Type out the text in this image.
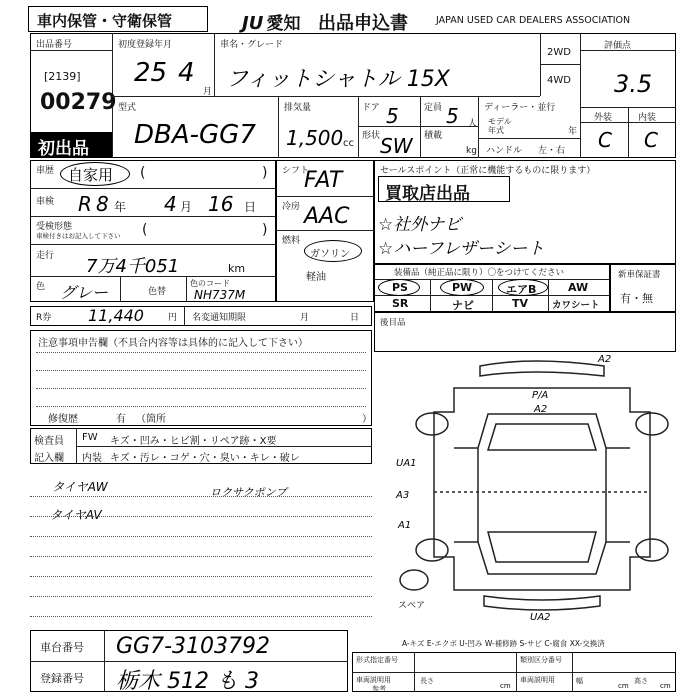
車内保管・守衛保管	JU 愛知 出品申込書	JAPAN USED CAR DEALERS ASSOCIATION
出品番号
[2139]
00279
初出品
初度登録年月
25 4
月
車名・グレード
フィットシャトル 15X
2WD
4WD
評価点
3.5
外装	内装
C C
型式
DBA-GG7
排気量
1,500 cc
ドア 5
形状 SW
定員 5 人
積載
kg
ディーラー・並行
モデル
年式	年
ハンドル 左・右
車歴 自家用 (	)
車検 R 8 年 4 月 16 日
受検形態
車検付きはお記入して下さい (	)
走行 7万4千051	km
色 グレー	色替
色のコード
NH737M
シフト
FAT
冷房 AAC
燃料
ガソリン
軽油
セールスポイント（正常に機能するものに限ります）
買取店出品
☆社外ナビ
☆ハーフレザーシート
装備品（純正品に限り）〇をつけてください
PS	PW	エアB	AW
SR	ナビ	TV	カワシート
新車保証書
有・無
R券 11,440	円 名変通知期限	月	日
注意事項申告欄（不具合内容等は具体的に記入して下さい）
修復歴	有 （箇所	）
後目品
検査員
記入欄
FW キズ・凹み・ヒビ割・リペア跡・X要
内装 キズ・汚レ・コゲ・穴・臭い・キレ・破レ
タイヤAW	ロクサクポンプ
タイヤAV
A2
P/A
A2
UA1
A3
A1
UA2
スペア
A-キズ E-エクボ U-凹み W-補修跡 S-サビ C-腐食 XX-交換済
車台番号 GG7-3103792
登録番号 栃木 512 も 3
形式指定番号	類別区分番号
車両説明用	車両説明用
参考
長さ	幅	高さ
cm	cm	cm
